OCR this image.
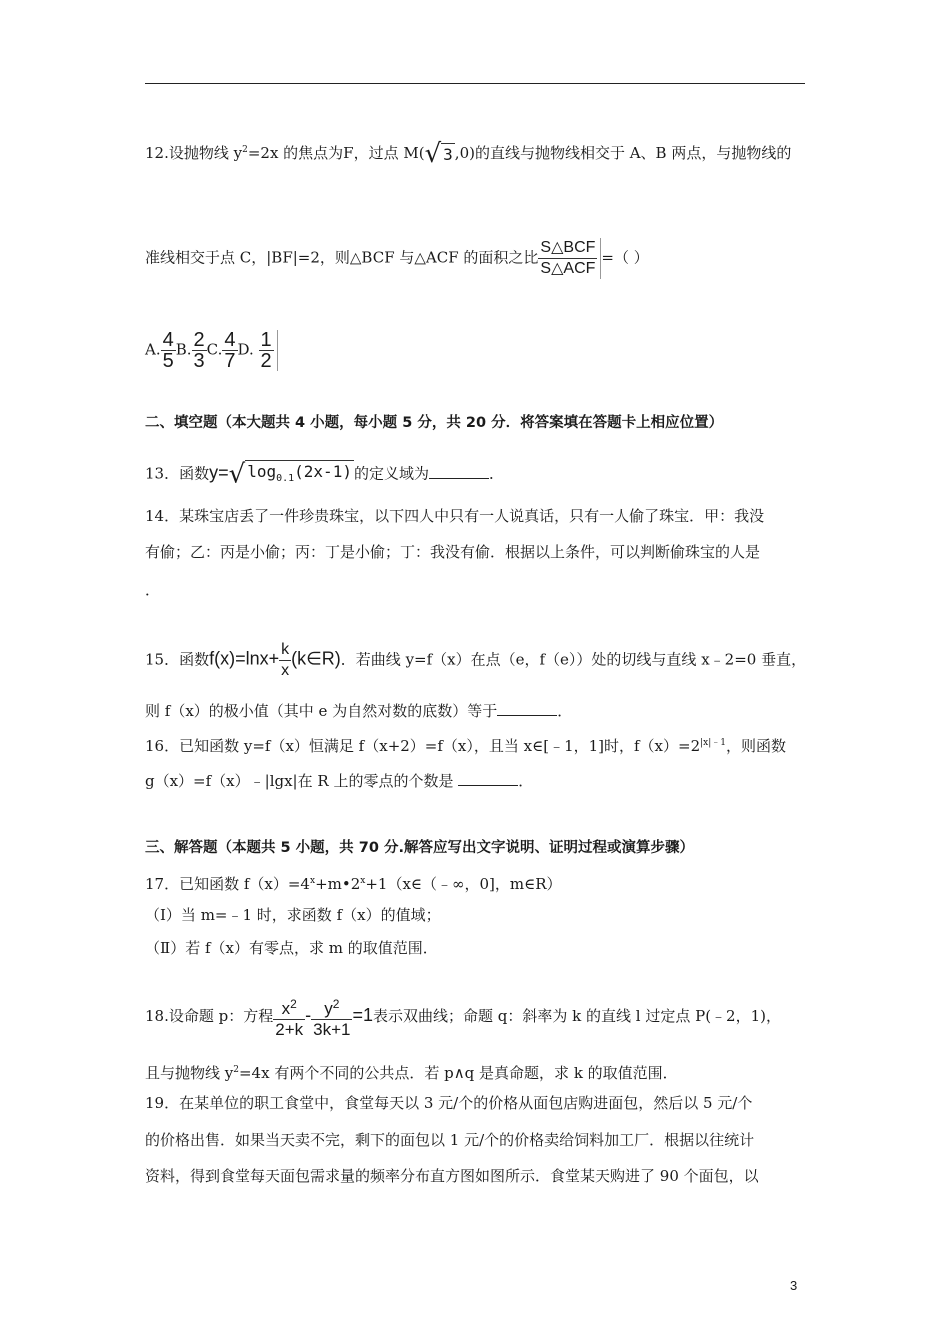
12.设抛物线 $y^2=2x$ 的焦点为F，过点 M(√ 3 ,0)的直线与抛物线相交于 A、B 两点，与抛物线的
准线相交于点 C，|BF|=2，则△BCF 与△ACF 的面积之比 $\frac{\text{S△BCF}}{\text{S△ACF}}$ =（ ）
A. $\frac{4}{5} B$. $\frac{2}{3} C$. $\frac{4}{7} D$. $\frac{1}{2}$
二、填空题（本大题共 4 小题，每小题 5 分，共 20 分．将答案填在答题卡上相应位置）
13．函数y=√ $\log_{0.1}(2x-1)$ 的定义域为	．
14．某珠宝店丢了一件珍贵珠宝，以下四人中只有一人说真话，只有一人偷了珠宝．甲：我没
有偷；乙：丙是小偷；丙：丁是小偷；丁：我没有偷．根据以上条件，可以判断偷珠宝的人是
．
15．函数$f(x)=\ln x+ \frac{k}{x}$ (k∈R)．若曲线 y=f（x）在点（e，f（e））处的切线与直线 x﹣2=0 垂直，
则 f（x）的极小值（其中 e 为自然对数的底数）等于	．
16．已知函数 y=f（x）恒满足 f（x+2）=f（x），且当 x∈[﹣1，1]时，$f(x)=2^{|x|﹣1}$，则函数
g（x）=f（x）﹣|lgx|在 R 上的零点的个数是	．
三、解答题（本题共 5 小题，共 70 分.解答应写出文字说明、证明过程或演算步骤）
17．已知函数 $f(x)=4^x+m•2^x+1(x\in(﹣\infty$，0]，m∈R）
（Ⅰ）当 m=﹣1 时，求函数 f（x）的值域；
（Ⅱ）若 f（x）有零点，求 m 的取值范围．
18.设命题 p：方程 $\frac{x^2}{2+k} - \frac{y^2}{3k+1} =1$表示双曲线；命题 q：斜率为 k 的直线 l 过定点 P(﹣2，1)，
且与抛物线 $y^2=4x$ 有两个不同的公共点．若 p∧q 是真命题，求 k 的取值范围．
19．在某单位的职工食堂中，食堂每天以 3 元/个的价格从面包店购进面包，然后以 5 元/个
的价格出售．如果当天卖不完，剩下的面包以 1 元/个的价格卖给饲料加工厂．根据以往统计
资料，得到食堂每天面包需求量的频率分布直方图如图所示．食堂某天购进了 90 个面包，以
3
